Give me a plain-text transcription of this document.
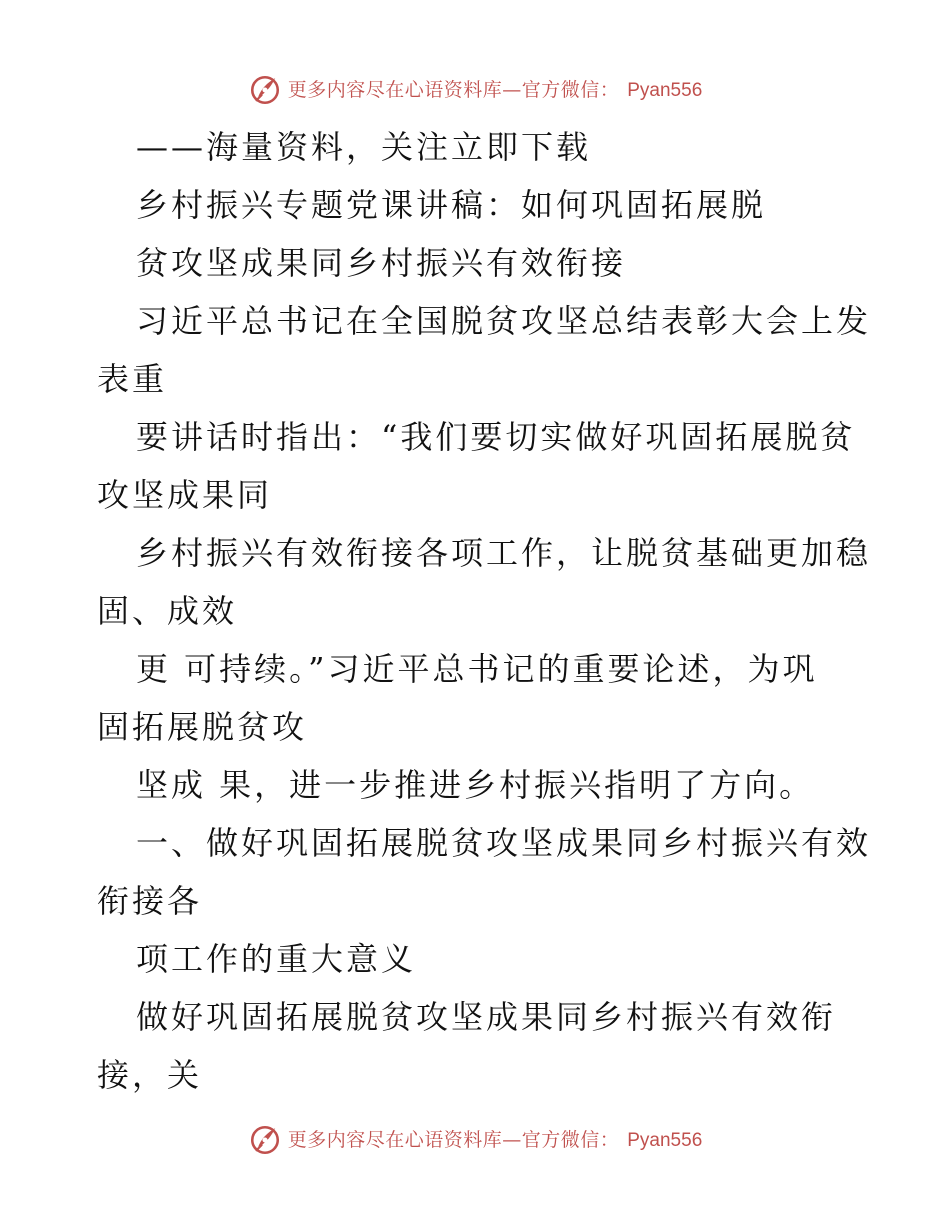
更多内容尽在心语资料库—官方微信： Pyan556
——海量资料，关注立即下载
乡村振兴专题党课讲稿：如何巩固拓展脱
贫攻坚成果同乡村振兴有效衔接
习近平总书记在全国脱贫攻坚总结表彰大会上发
表重
要讲话时指出：“我们要切实做好巩固拓展脱贫
攻坚成果同
乡村振兴有效衔接各项工作，让脱贫基础更加稳
固、成效
更 可持续。”习近平总书记的重要论述，为巩
固拓展脱贫攻
坚成 果，进一步推进乡村振兴指明了方向。
一、做好巩固拓展脱贫攻坚成果同乡村振兴有效
衔接各
项工作的重大意义
做好巩固拓展脱贫攻坚成果同乡村振兴有效衔
接，关
更多内容尽在心语资料库—官方微信： Pyan556
